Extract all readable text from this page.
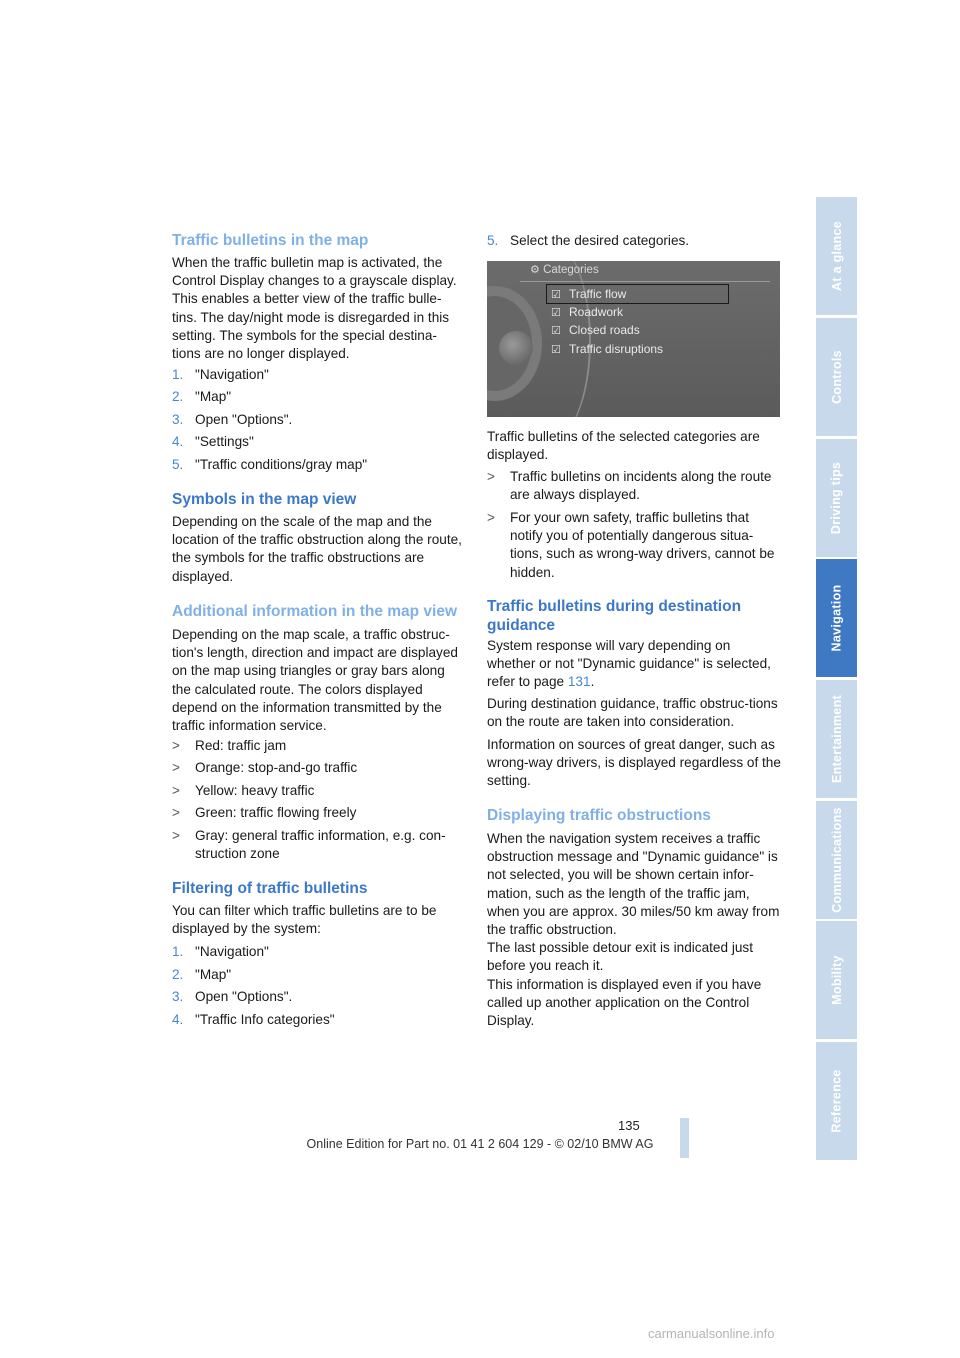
Traffic bulletins in the map

When the traffic bulletin map is activated, the Control Display changes to a grayscale display. This enables a better view of the traffic bulle-tins. The day/night mode is disregarded in this setting. The symbols for the special destina-tions are no longer displayed.

1. "Navigation"
2. "Map"
3. Open "Options".
4. "Settings"
5. "Traffic conditions/gray map"
Symbols in the map view

Depending on the scale of the map and the location of the traffic obstruction along the route, the symbols for the traffic obstructions are displayed.

Additional information in the map view

Depending on the map scale, a traffic obstruc-tion's length, direction and impact are displayed on the map using triangles or gray bars along the calculated route. The colors displayed depend on the information transmitted by the traffic information service.

>	Red: traffic jam
>	Orange: stop-and-go traffic
>	Yellow: heavy traffic
>	Green: traffic flowing freely
>	Gray: general traffic information, e.g. con-struction zone
Filtering of traffic bulletins

You can filter which traffic bulletins are to be displayed by the system:

1. "Navigation"
2. "Map"
3. Open "Options".
4. "Traffic Info categories"
5. Select the desired categories.
⚙ Categories
☑ Traffic flow
☑ Roadwork
☑ Closed roads
☑ Traffic disruptions

Traffic bulletins of the selected categories are displayed.

>	Traffic bulletins on incidents along the route are always displayed.
>	For your own safety, traffic bulletins that notify you of potentially dangerous situa-tions, such as wrong-way drivers, cannot be hidden.
Traffic bulletins during destination guidance

System response will vary depending on whether or not "Dynamic guidance" is selected, refer to page 131.

During destination guidance, traffic obstruc-tions on the route are taken into consideration.

Information on sources of great danger, such as wrong-way drivers, is displayed regardless of the setting.

Displaying traffic obstructions

When the navigation system receives a traffic obstruction message and "Dynamic guidance" is not selected, you will be shown certain infor-mation, such as the length of the traffic jam, when you are approx. 30 miles/50 km away from the traffic obstruction.
The last possible detour exit is indicated just before you reach it.

This information is displayed even if you have called up another application on the Control Display.

At a glance
Controls
Driving tips
Navigation
Entertainment
Communications
Mobility
Reference
135
Online Edition for Part no. 01 41 2 604 129 - © 02/10 BMW AG
carmanualsonline.info
